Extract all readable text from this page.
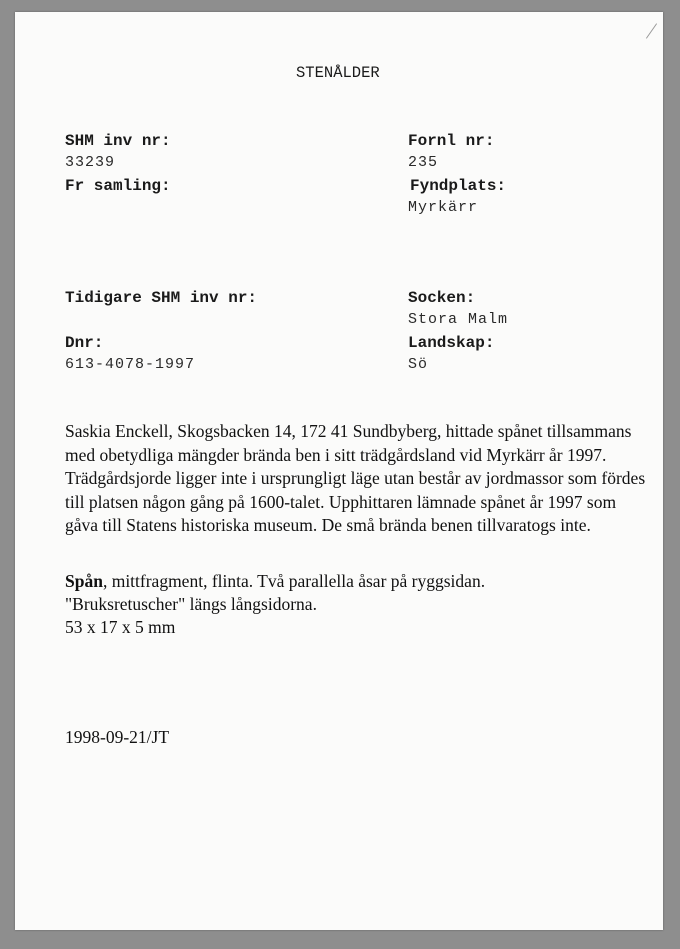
STENÅLDER
SHM inv nr:
33239
Fr samling:
Fornl nr:
235
Fyndplats:
Myrkärr
Tidigare SHM inv nr:
Dnr:
613-4078-1997
Socken:
Stora Malm
Landskap:
Sö
Saskia Enckell, Skogsbacken 14, 172 41 Sundbyberg, hittade spånet tillsammans med obetydliga mängder brända ben i sitt trädgårdsland vid Myrkärr år 1997. Trädgårdsjorde ligger inte i ursprungligt läge utan består av jordmassor som fördes till platsen någon gång på 1600-talet. Upphittaren lämnade spånet år 1997 som gåva till Statens historiska museum. De små brända benen tillvaratogs inte.
Spån, mittfragment, flinta. Två parallella åsar på ryggsidan.
"Bruksretuscher" längs långsidorna.
53 x 17 x 5 mm
1998-09-21/JT
